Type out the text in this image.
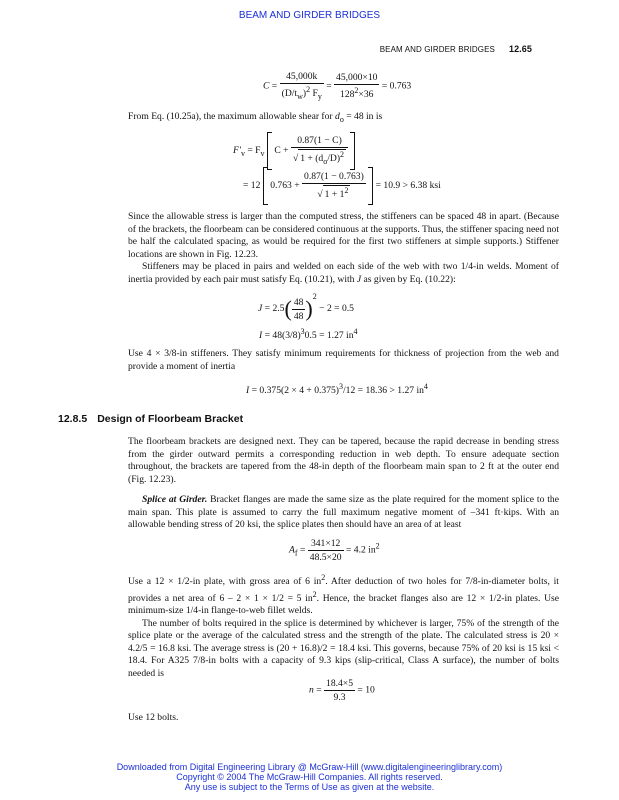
BEAM AND GIRDER BRIDGES
BEAM AND GIRDER BRIDGES 12.65
$C = \frac{45,000k}{(D/t_w)^2 F_y} = \frac{45,000\times 10}{128^2\times 36} = 0.763$

From Eq. (10.25a), the maximum allowable shear for $d_o = 48$ in is

$F'_v = F_v$ $C + \frac{0.87(1 - C)}{√ 1 + (d_o/D)^2}$

= 12 $0.763 + \frac{0.87(1 - 0.763)}{√ 1 + 1^2} = 10.9 > 6.38$ ksi

Since the allowable stress is larger than the computed stress, the stiffeners can be spaced 48 in apart. (Because of the brackets, the floorbeam can be considered continuous at the supports. Thus, the stiffener spacing need not be half the calculated spacing, as would be required for the first two stiffeners at simple supports.) Stiffener locations are shown in Fig. 12.23.

Stiffeners may be placed in pairs and welded on each side of the web with two 1/4-in welds. Moment of inertia provided by each pair must satisfy Eq. (10.21), with J as given by Eq. (10.22):

$J = 2.5( \frac{48}{48} )^2 - 2 = 0.5$
$I = 48(3/8)^30.5 = 1.27$ $in^4$

Use 4 × 3/8-in stiffeners. They satisfy minimum requirements for thickness of projection from the web and provide a moment of inertia

$I = 0.375(2 \times 4 + 0.375)^3/12 = 18.36 > 1.27$ $in^4$
12.8.5 Design of Floorbeam Bracket

The floorbeam brackets are designed next. They can be tapered, because the rapid decrease in bending stress from the girder outward permits a corresponding reduction in web depth. To ensure adequate section throughout, the brackets are tapered from the 48-in depth of the floorbeam main span to 2 ft at the outer end (Fig. 12.23).

Splice at Girder. Bracket flanges are made the same size as the plate required for the moment splice to the main span. This plate is assumed to carry the full maximum negative moment of –341 ft·kips. With an allowable bending stress of 20 ksi, the splice plates then should have an area of at least

$A_f = \frac{341\times 12}{48.5\times 20} = 4.2$ $in^2$

Use a 12 × 1/2-in plate, with gross area of 6 $in^2$. After deduction of two holes for 7/8-in-diameter bolts, it provides a net area of 6 – 2 × 1 × 1/2 = 5 $in^2$. Hence, the bracket flanges also are 12 × 1/2-in plates. Use minimum-size 1/4-in flange-to-web fillet welds.

The number of bolts required in the splice is determined by whichever is larger, 75% of the strength of the splice plate or the average of the calculated stress and the strength of the plate. The calculated stress is 20 × 4.2/5 = 16.8 ksi. The average stress is (20 + 16.8)/2 = 18.4 ksi. This governs, because 75% of 20 ksi is 15 ksi < 18.4. For A325 7/8-in bolts with a capacity of 9.3 kips (slip-critical, Class A surface), the number of bolts needed is

$n = \frac{18.4\times 5}{9.3} = 10$

Use 12 bolts.

Downloaded from Digital Engineering Library @ McGraw-Hill (www.digitalengineeringlibrary.com)
Copyright © 2004 The McGraw-Hill Companies. All rights reserved.
Any use is subject to the Terms of Use as given at the website.
